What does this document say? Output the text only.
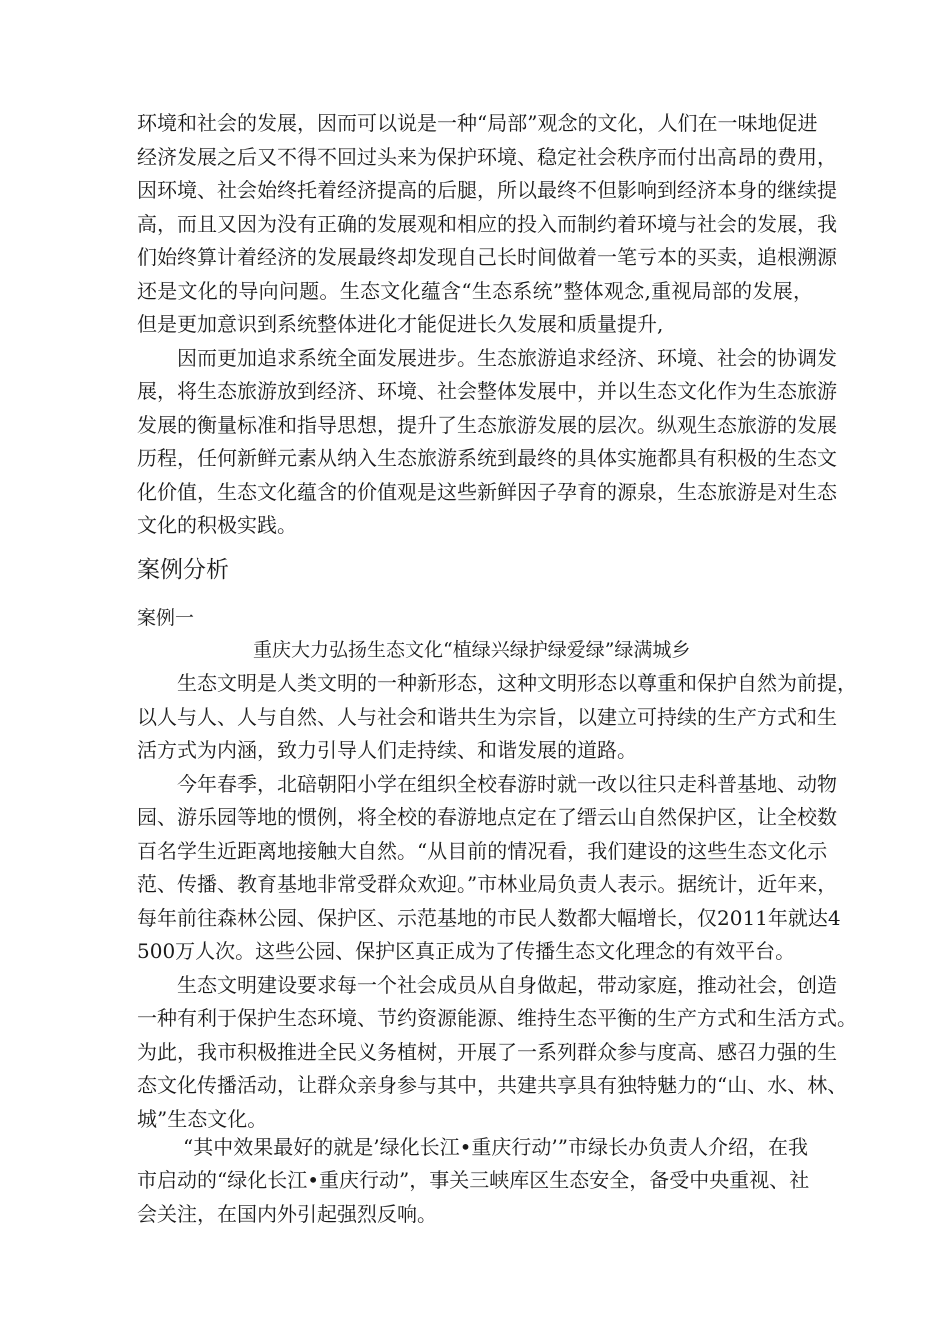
环境和社会的发展，因而可以说是一种“局部”观念的文化，人们在一味地促进
经济发展之后又不得不回过头来为保护环境、稳定社会秩序而付出高昂的费用，
因环境、社会始终托着经济提高的后腿，所以最终不但影响到经济本身的继续提
高，而且又因为没有正确的发展观和相应的投入而制约着环境与社会的发展，我
们始终算计着经济的发展最终却发现自己长时间做着一笔亏本的买卖，追根溯源
还是文化的导向问题。生态文化蕴含“生态系统”整体观念,重视局部的发展，
但是更加意识到系统整体进化才能促进长久发展和质量提升,
因而更加追求系统全面发展进步。生态旅游追求经济、环境、社会的协调发
展，将生态旅游放到经济、环境、社会整体发展中，并以生态文化作为生态旅游
发展的衡量标准和指导思想，提升了生态旅游发展的层次。纵观生态旅游的发展
历程，任何新鲜元素从纳入生态旅游系统到最终的具体实施都具有积极的生态文
化价值，生态文化蕴含的价值观是这些新鲜因子孕育的源泉，生态旅游是对生态
文化的积极实践。
案例分析
案例一
重庆大力弘扬生态文化“植绿兴绿护绿爱绿”绿满城乡
生态文明是人类文明的一种新形态，这种文明形态以尊重和保护自然为前提，
以人与人、人与自然、人与社会和谐共生为宗旨，以建立可持续的生产方式和生
活方式为内涵，致力引导人们走持续、和谐发展的道路。
今年春季，北碚朝阳小学在组织全校春游时就一改以往只走科普基地、动物
园、游乐园等地的惯例，将全校的春游地点定在了缙云山自然保护区，让全校数
百名学生近距离地接触大自然。“从目前的情况看，我们建设的这些生态文化示
范、传播、教育基地非常受群众欢迎。”市林业局负责人表示。据统计，近年来，
每年前往森林公园、保护区、示范基地的市民人数都大幅增长，仅2011年就达4
500万人次。这些公园、保护区真正成为了传播生态文化理念的有效平台。
生态文明建设要求每一个社会成员从自身做起，带动家庭，推动社会，创造
一种有利于保护生态环境、节约资源能源、维持生态平衡的生产方式和生活方式。
为此，我市积极推进全民义务植树，开展了一系列群众参与度高、感召力强的生
态文化传播活动，让群众亲身参与其中，共建共享具有独特魅力的“山、水、林、
城”生态文化。
“其中效果最好的就是’绿化长江•重庆行动’”市绿长办负责人介绍，在我
市启动的“绿化长江•重庆行动”，事关三峡库区生态安全，备受中央重视、社
会关注，在国内外引起强烈反响。
